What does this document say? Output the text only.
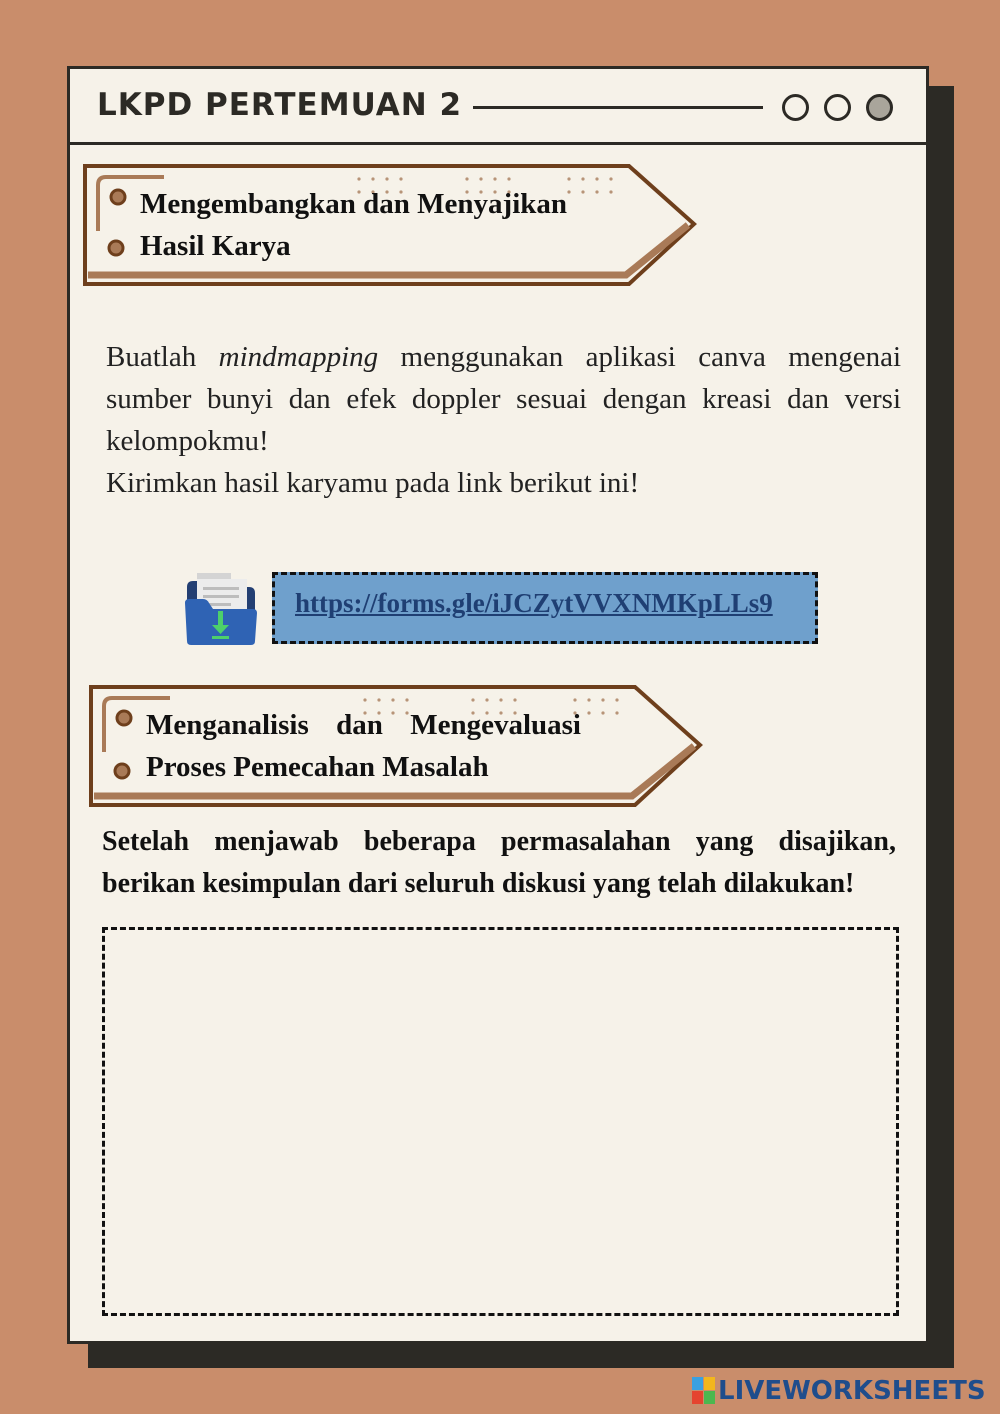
LKPD PERTEMUAN 2
Mengembangkan dan Menyajikan
Hasil Karya
Buatlah mindmapping menggunakan aplikasi canva mengenai
sumber bunyi dan efek doppler sesuai dengan kreasi dan versi
kelompokmu!
Kirimkan hasil karyamu pada link berikut ini!
https://forms.gle/iJCZytVVXNMKpLLs9
Menganalisis dan Mengevaluasi
Proses Pemecahan Masalah
Setelah menjawab beberapa permasalahan yang disajikan,
berikan kesimpulan dari seluruh diskusi yang telah dilakukan!
LIVEWORKSHEETS
